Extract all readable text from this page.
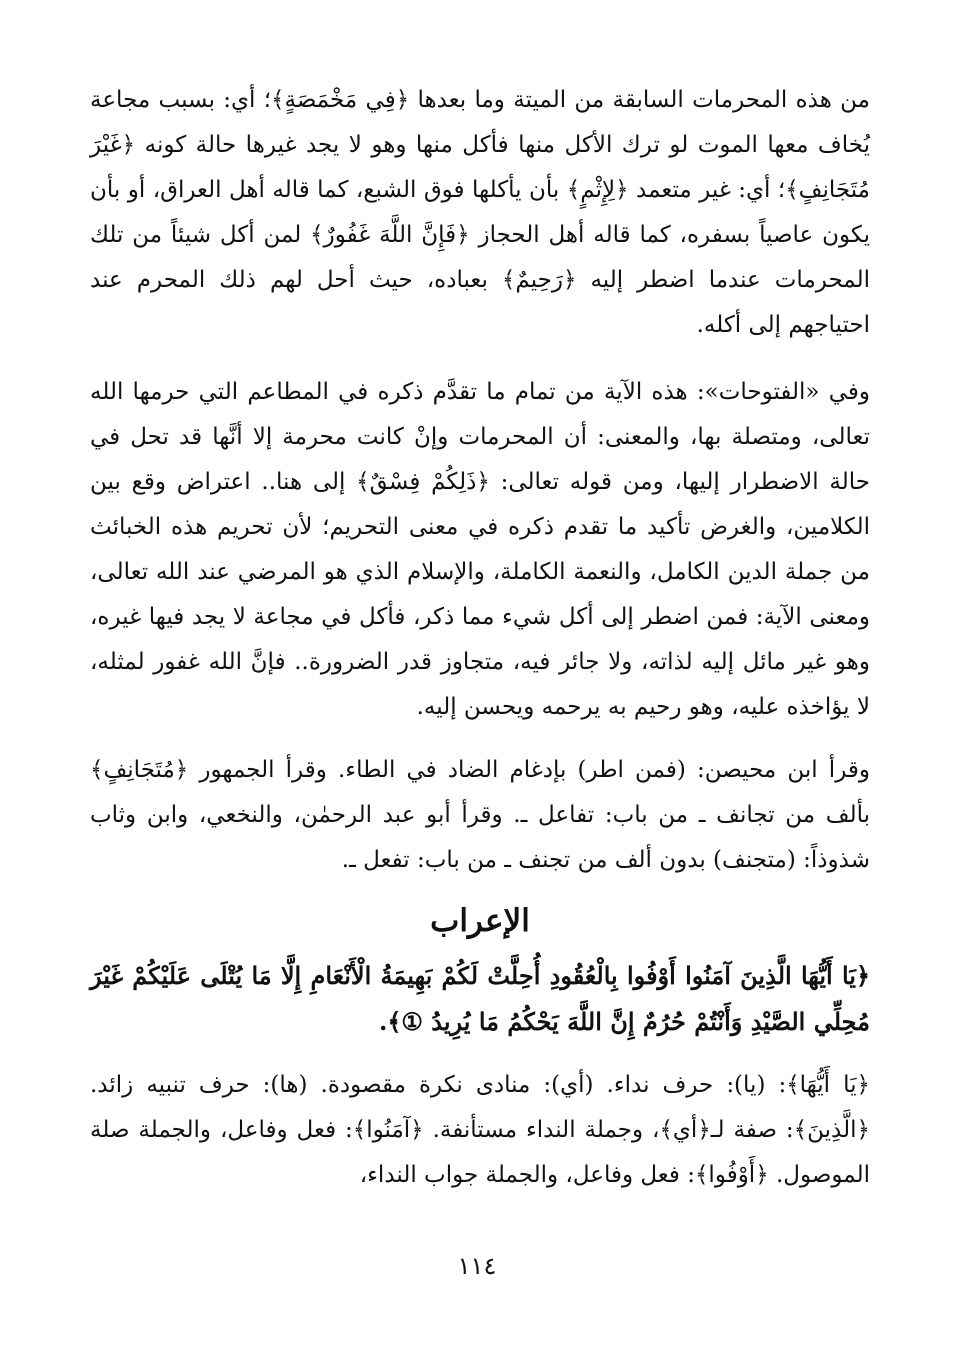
من هذه المحرمات السابقة من الميتة وما بعدها ﴿فِي مَخْمَصَةٍ﴾؛ أي: بسبب مجاعة يُخاف معها الموت لو ترك الأكل منها فأكل منها وهو لا يجد غيرها حالة كونه ﴿غَيْرَ مُتَجَانِفٍ﴾؛ أي: غير متعمد ﴿لِإِثْمٍ﴾ بأن يأكلها فوق الشبع، كما قاله أهل العراق، أو بأن يكون عاصياً بسفره، كما قاله أهل الحجاز ﴿فَإِنَّ اللَّهَ غَفُورٌ﴾ لمن أكل شيئاً من تلك المحرمات عندما اضطر إليه ﴿رَحِيمٌ﴾ بعباده، حيث أحل لهم ذلك المحرم عند احتياجهم إلى أكله.

وفي «الفتوحات»: هذه الآية من تمام ما تقدَّم ذكره في المطاعم التي حرمها الله تعالى، ومتصلة بها، والمعنى: أن المحرمات وإنْ كانت محرمة إلا أنَّها قد تحل في حالة الاضطرار إليها، ومن قوله تعالى: ﴿ذَلِكُمْ فِسْقٌ﴾ إلى هنا.. اعتراض وقع بين الكلامين، والغرض تأكيد ما تقدم ذكره في معنى التحريم؛ لأن تحريم هذه الخبائث من جملة الدين الكامل، والنعمة الكاملة، والإسلام الذي هو المرضي عند الله تعالى، ومعنى الآية: فمن اضطر إلى أكل شيء مما ذكر، فأكل في مجاعة لا يجد فيها غيره، وهو غير مائل إليه لذاته، ولا جائر فيه، متجاوز قدر الضرورة.. فإنَّ الله غفور لمثله، لا يؤاخذه عليه، وهو رحيم به يرحمه ويحسن إليه.

وقرأ ابن محيصن: (فمن اطر) بإدغام الضاد في الطاء. وقرأ الجمهور ﴿مُتَجَانِفٍ﴾ بألف من تجانف ـ من باب: تفاعل ـ. وقرأ أبو عبد الرحمٰن، والنخعي، وابن وثاب شذوذاً: (متجنف) بدون ألف من تجنف ـ من باب: تفعل ـ.

الإعراب

﴿يَا أَيُّهَا الَّذِينَ آمَنُوا أَوْفُوا بِالْعُقُودِ أُحِلَّتْ لَكُمْ بَهِيمَةُ الْأَنْعَامِ إِلَّا مَا يُتْلَى عَلَيْكُمْ غَيْرَ مُحِلِّي الصَّيْدِ وَأَنْتُمْ حُرُمٌ إِنَّ اللَّهَ يَحْكُمُ مَا يُرِيدُ ①﴾.

﴿يَا أَيُّهَا﴾: (يا): حرف نداء. (أي): منادى نكرة مقصودة. (ها): حرف تنبيه زائد. ﴿الَّذِينَ﴾: صفة لـ﴿أي﴾، وجملة النداء مستأنفة. ﴿آمَنُوا﴾: فعل وفاعل، والجملة صلة الموصول. ﴿أَوْفُوا﴾: فعل وفاعل، والجملة جواب النداء،

١١٤
